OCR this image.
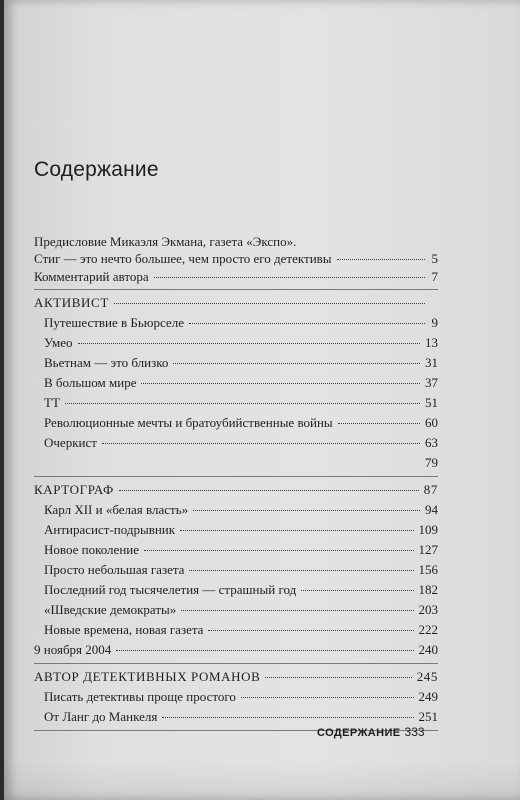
Содержание
Предисловие Микаэля Экмана, газета «Экспо».
Стиг — это нечто большее, чем просто его детективы	5
Комментарий автора	7
АКТИВИСТ
Путешествие в Бьюрселе	9
Умео	13
Вьетнам — это близко	31
В большом мире	37
ТТ	51
Революционные мечты и братоубийственные войны	60
Очеркист	63
79
КАРТОГРАФ	87
Карл XII и «белая власть»	94
Антирасист-подрывник	109
Новое поколение	127
Просто небольшая газета	156
Последний год тысячелетия — страшный год	182
«Шведские демократы»	203
Новые времена, новая газета	222
9 ноября 2004	240
АВТОР ДЕТЕКТИВНЫХ РОМАНОВ	245
Писать детективы проще простого	249
От Ланг до Манкеля	251
СОДЕРЖАНИЕ 333
